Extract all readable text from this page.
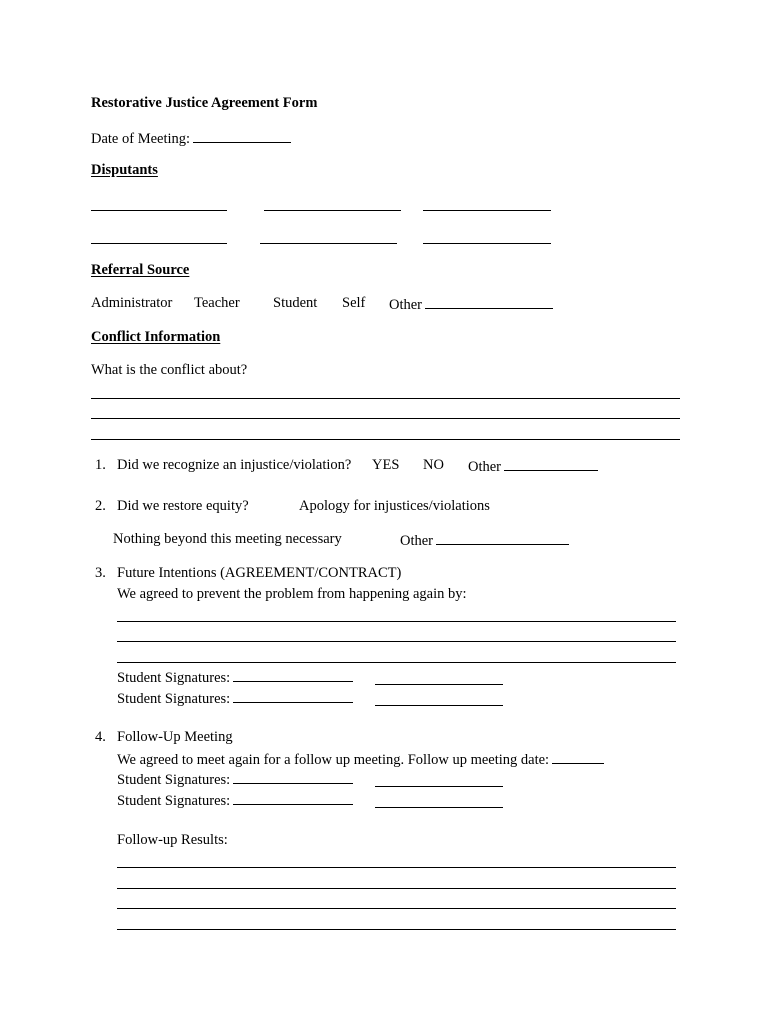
Restorative Justice Agreement Form
Date of Meeting:
Disputants
Referral Source
Administrator Teacher Student Self Other
Conflict Information
What is the conflict about?
1. Did we recognize an injustice/violation? YES NO Other
2. Did we restore equity?	Apology for injustices/violations
Nothing beyond this meeting necessary	Other
3. Future Intentions (AGREEMENT/CONTRACT)
We agreed to prevent the problem from happening again by:
Student Signatures:
Student Signatures:
4. Follow-Up Meeting
We agreed to meet again for a follow up meeting. Follow up meeting date:
Student Signatures:
Student Signatures:
Follow-up Results:
